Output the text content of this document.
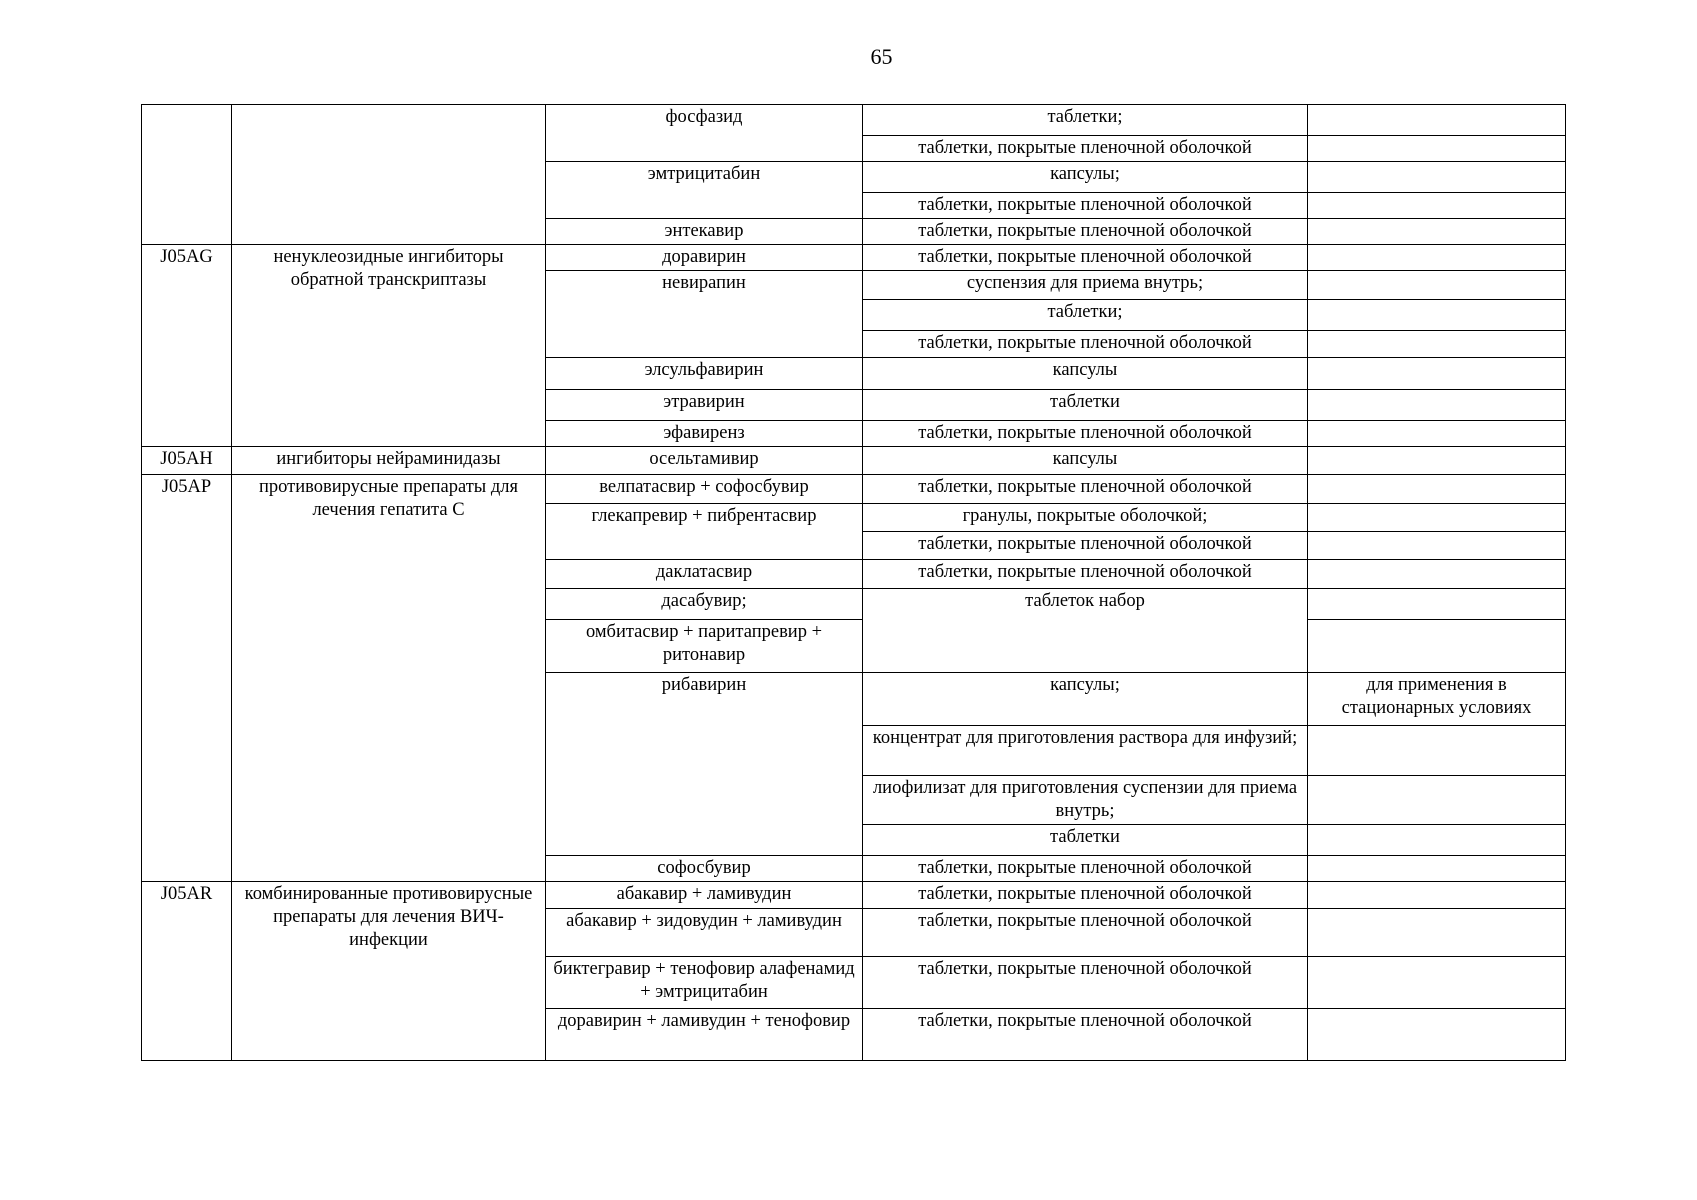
65
		фосфазид	таблетки;	
			таблетки, покрытые пленочной оболочкой	
		эмтрицитабин	капсулы;	
			таблетки, покрытые пленочной оболочкой	
		энтекавир	таблетки, покрытые пленочной оболочкой	
J05AG	ненуклеозидные ингибиторы обратной транскриптазы	доравирин	таблетки, покрытые пленочной оболочкой	
		невирапин	суспензия для приема внутрь;	
			таблетки;	
			таблетки, покрытые пленочной оболочкой	
		элсульфавирин	капсулы	
		этравирин	таблетки	
		эфавиренз	таблетки, покрытые пленочной оболочкой	
J05AH	ингибиторы нейраминидазы	осельтамивир	капсулы	
J05AP	противовирусные препараты для лечения гепатита C	велпатасвир + софосбувир	таблетки, покрытые пленочной оболочкой	
		глекапревир + пибрентасвир	гранулы, покрытые оболочкой;	
			таблетки, покрытые пленочной оболочкой	
		даклатасвир	таблетки, покрытые пленочной оболочкой	
		дасабувир;	таблеток набор	
		омбитасвир + паритапревир + ритонавир		
		рибавирин	капсулы;	для применения в стационарных условиях
			концентрат для приготовления раствора для инфузий;	
			лиофилизат для приготовления суспензии для приема внутрь;	
			таблетки	
		софосбувир	таблетки, покрытые пленочной оболочкой	
J05AR	комбинированные противовирусные препараты для лечения ВИЧ-инфекции	абакавир + ламивудин	таблетки, покрытые пленочной оболочкой	
		абакавир + зидовудин + ламивудин	таблетки, покрытые пленочной оболочкой	
		биктегравир + тенофовир алафенамид + эмтрицитабин	таблетки, покрытые пленочной оболочкой	
		доравирин + ламивудин + тенофовир	таблетки, покрытые пленочной оболочкой	
